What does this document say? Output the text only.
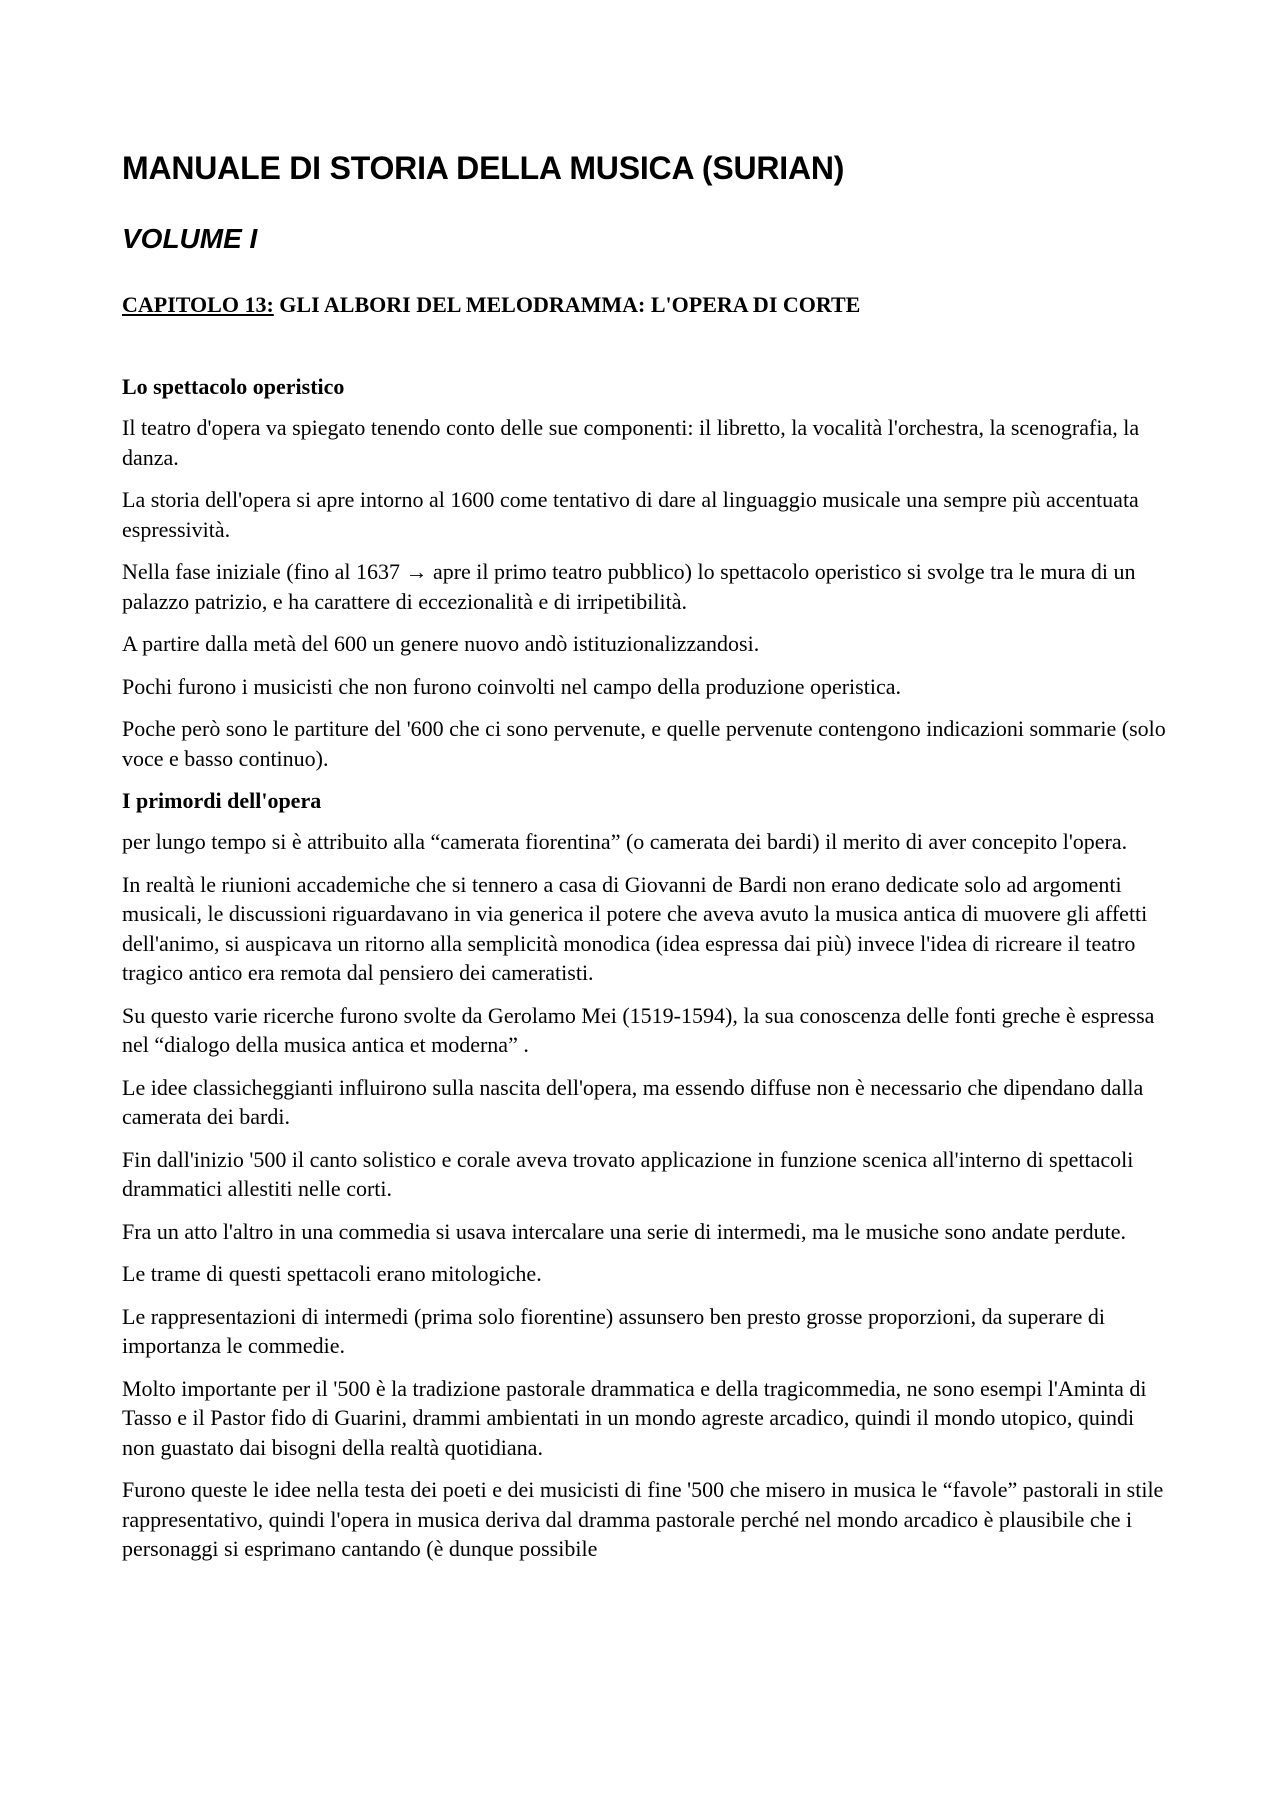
MANUALE DI STORIA DELLA MUSICA (SURIAN)
VOLUME I
CAPITOLO 13: GLI ALBORI DEL MELODRAMMA: L'OPERA DI CORTE
Lo spettacolo operistico

Il teatro d'opera va spiegato tenendo conto delle sue componenti: il libretto, la vocalità l'orchestra, la scenografia, la danza.

La storia dell'opera si apre intorno al 1600 come tentativo di dare al linguaggio musicale una sempre più accentuata espressività.

Nella fase iniziale (fino al 1637 → apre il primo teatro pubblico) lo spettacolo operistico si svolge tra le mura di un palazzo patrizio, e ha carattere di eccezionalità e di irripetibilità.

A partire dalla metà del 600 un genere nuovo andò istituzionalizzandosi.

Pochi furono i musicisti che non furono coinvolti nel campo della produzione operistica.

Poche però sono le partiture del '600 che ci sono pervenute, e quelle pervenute contengono indicazioni sommarie (solo voce e basso continuo).

I primordi dell'opera

per lungo tempo si è attribuito alla “camerata fiorentina” (o camerata dei bardi) il merito di aver concepito l'opera.

In realtà le riunioni accademiche che si tennero a casa di Giovanni de Bardi non erano dedicate solo ad argomenti musicali, le discussioni riguardavano in via generica il potere che aveva avuto la musica antica di muovere gli affetti dell'animo, si auspicava un ritorno alla semplicità monodica (idea espressa dai più) invece l'idea di ricreare il teatro tragico antico era remota dal pensiero dei cameratisti.

Su questo varie ricerche furono svolte da Gerolamo Mei (1519-1594), la sua conoscenza delle fonti greche è espressa nel “dialogo della musica antica et moderna” .

Le idee classicheggianti influirono sulla nascita dell'opera, ma essendo diffuse non è necessario che dipendano dalla camerata dei bardi.

Fin dall'inizio '500 il canto solistico e corale aveva trovato applicazione in funzione scenica all'interno di spettacoli drammatici allestiti nelle corti.

Fra un atto l'altro in una commedia si usava intercalare una serie di intermedi, ma le musiche sono andate perdute.

Le trame di questi spettacoli erano mitologiche.

Le rappresentazioni di intermedi (prima solo fiorentine) assunsero ben presto grosse proporzioni, da superare di importanza le commedie.

Molto importante per il '500 è la tradizione pastorale drammatica e della tragicommedia, ne sono esempi l'Aminta di Tasso e il Pastor fido di Guarini, drammi ambientati in un mondo agreste arcadico, quindi il mondo utopico, quindi non guastato dai bisogni della realtà quotidiana.

Furono queste le idee nella testa dei poeti e dei musicisti di fine '500 che misero in musica le “favole” pastorali in stile rappresentativo, quindi l'opera in musica deriva dal dramma pastorale perché nel mondo arcadico è plausibile che i personaggi si esprimano cantando (è dunque possibile
